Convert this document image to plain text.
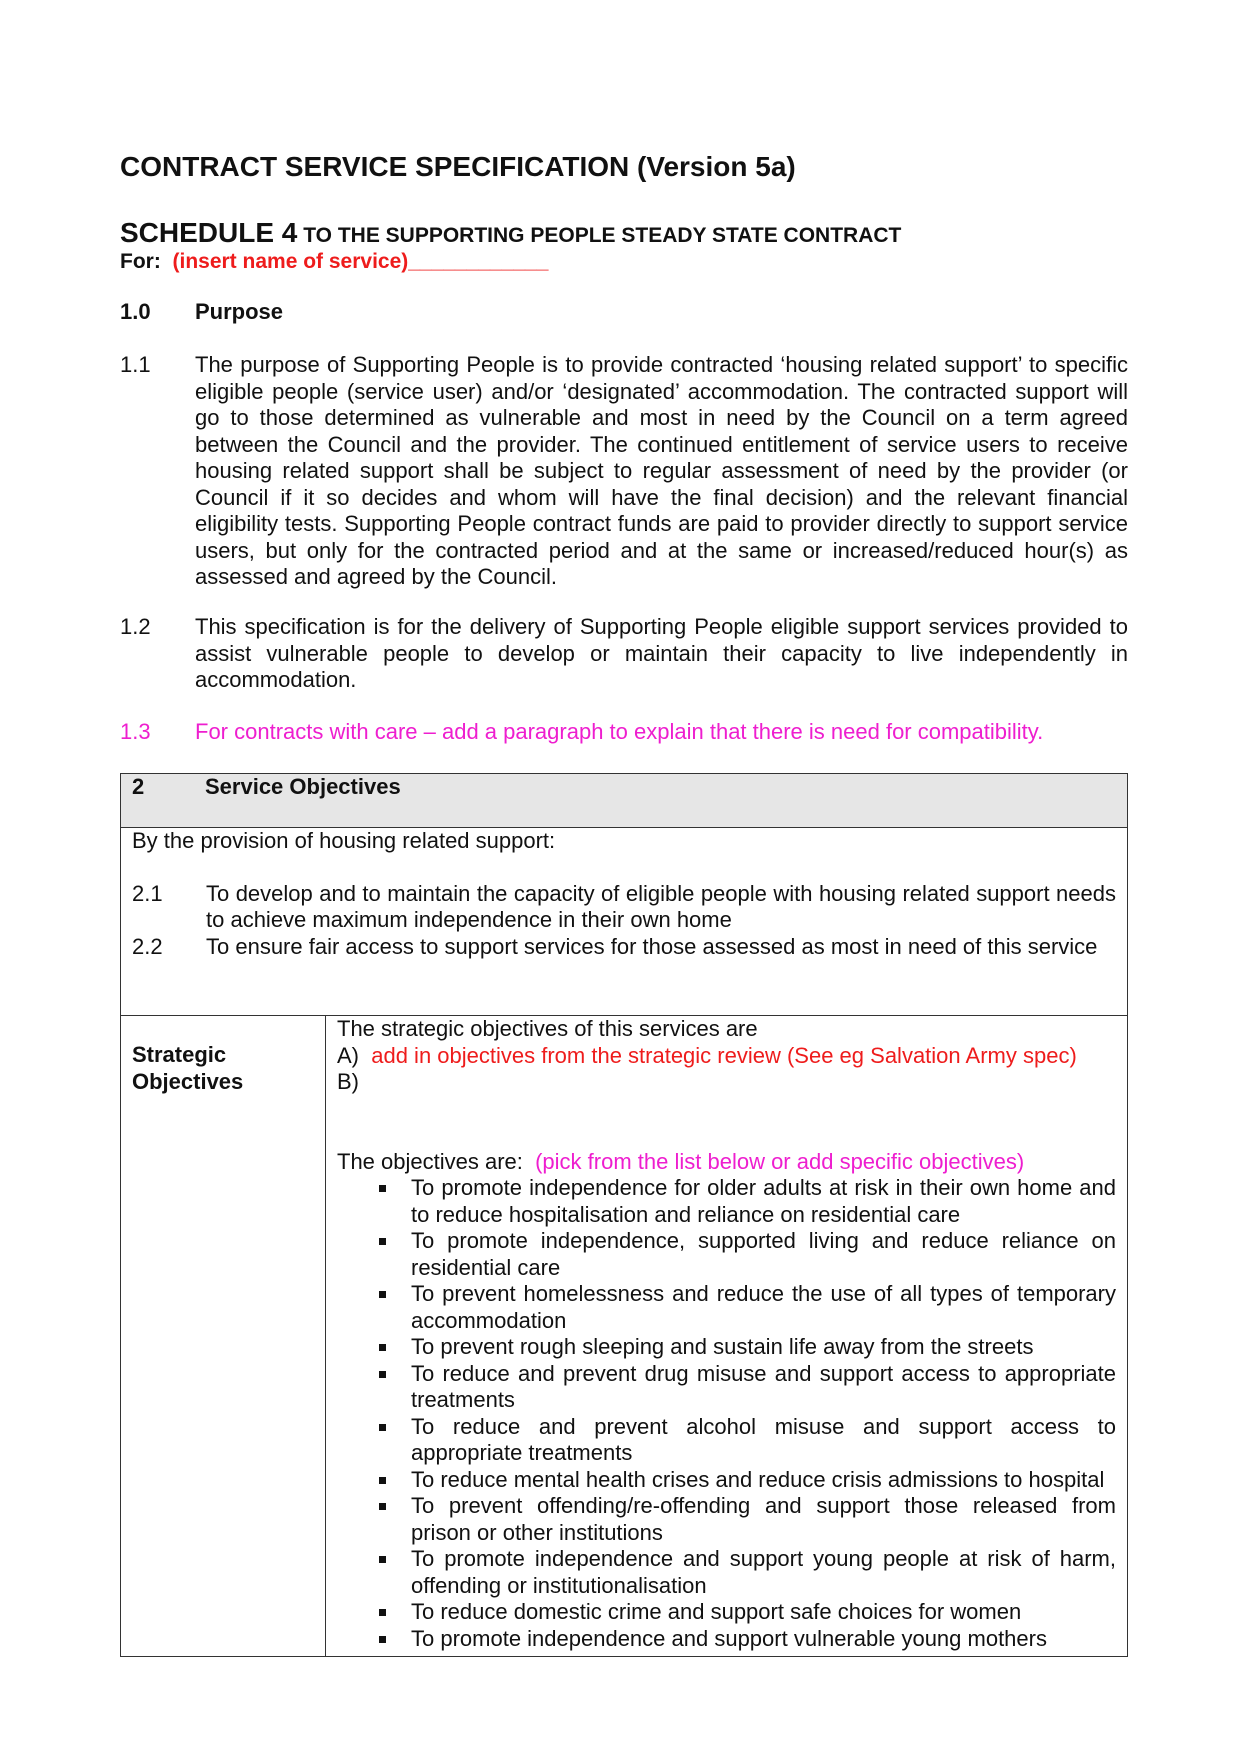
CONTRACT SERVICE SPECIFICATION (Version 5a)
SCHEDULE 4 TO THE SUPPORTING PEOPLE STEADY STATE CONTRACT
For: (insert name of service)____________
1.0 Purpose
1.1 The purpose of Supporting People is to provide contracted ‘housing related support’ to specific eligible people (service user) and/or ‘designated’ accommodation. The contracted support will go to those determined as vulnerable and most in need by the Council on a term agreed between the Council and the provider. The continued entitlement of service users to receive housing related support shall be subject to regular assessment of need by the provider (or Council if it so decides and whom will have the final decision) and the relevant financial eligibility tests. Supporting People contract funds are paid to provider directly to support service users, but only for the contracted period and at the same or increased/reduced hour(s) as assessed and agreed by the Council.
1.2 This specification is for the delivery of Supporting People eligible support services provided to assist vulnerable people to develop or maintain their capacity to live independently in accommodation.
1.3 For contracts with care – add a paragraph to explain that there is need for compatibility.
2	Service Objectives

By the provision of housing related support:
2.1 To develop and to maintain the capacity of eligible people with housing related support needs to achieve maximum independence in their own home
2.2 To ensure fair access to support services for those assessed as most in need of this service

Strategic
Objectives

The strategic objectives of this services are
A) add in objectives from the strategic review (See eg Salvation Army spec)
B)
The objectives are: (pick from the list below or add specific objectives)
To promote independence for older adults at risk in their own home and to reduce hospitalisation and reliance on residential care
To promote independence, supported living and reduce reliance on residential care
To prevent homelessness and reduce the use of all types of temporary accommodation
To prevent rough sleeping and sustain life away from the streets
To reduce and prevent drug misuse and support access to appropriate treatments
To reduce and prevent alcohol misuse and support access to appropriate treatments
To reduce mental health crises and reduce crisis admissions to hospital
To prevent offending/re-offending and support those released from prison or other institutions
To promote independence and support young people at risk of harm, offending or institutionalisation
To reduce domestic crime and support safe choices for women
To promote independence and support vulnerable young mothers
